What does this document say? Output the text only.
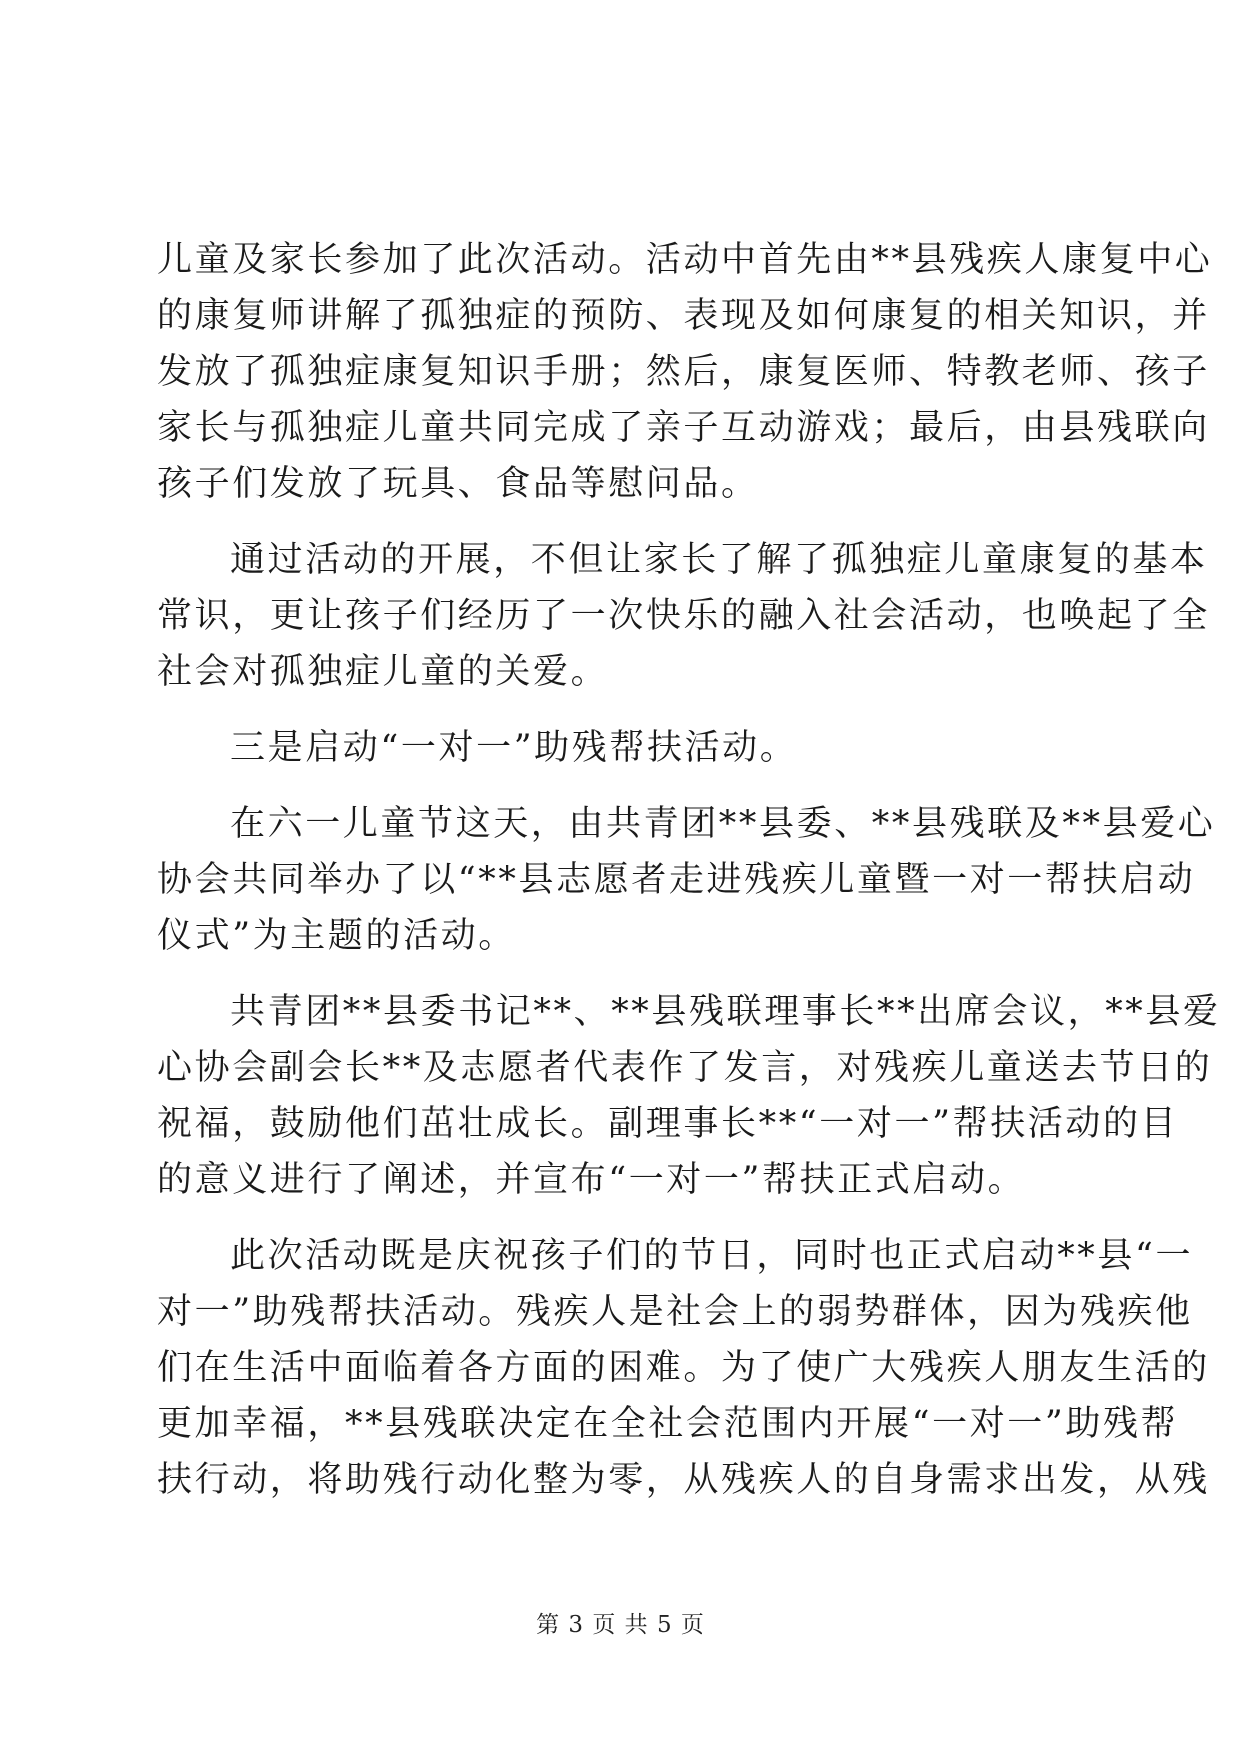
儿童及家长参加了此次活动。活动中首先由**县残疾人康复中心
的康复师讲解了孤独症的预防、表现及如何康复的相关知识，并
发放了孤独症康复知识手册；然后，康复医师、特教老师、孩子
家长与孤独症儿童共同完成了亲子互动游戏；最后，由县残联向
孩子们发放了玩具、食品等慰问品。
通过活动的开展，不但让家长了解了孤独症儿童康复的基本
常识，更让孩子们经历了一次快乐的融入社会活动，也唤起了全
社会对孤独症儿童的关爱。
三是启动“一对一”助残帮扶活动。
在六一儿童节这天，由共青团**县委、**县残联及**县爱心
协会共同举办了以“**县志愿者走进残疾儿童暨一对一帮扶启动
仪式”为主题的活动。
共青团**县委书记**、**县残联理事长**出席会议，**县爱
心协会副会长**及志愿者代表作了发言，对残疾儿童送去节日的
祝福，鼓励他们茁壮成长。副理事长**“一对一”帮扶活动的目
的意义进行了阐述，并宣布“一对一”帮扶正式启动。
此次活动既是庆祝孩子们的节日，同时也正式启动**县“一
对一”助残帮扶活动。残疾人是社会上的弱势群体，因为残疾他
们在生活中面临着各方面的困难。为了使广大残疾人朋友生活的
更加幸福，**县残联决定在全社会范围内开展“一对一”助残帮
扶行动，将助残行动化整为零，从残疾人的自身需求出发，从残
第 3 页 共 5 页
